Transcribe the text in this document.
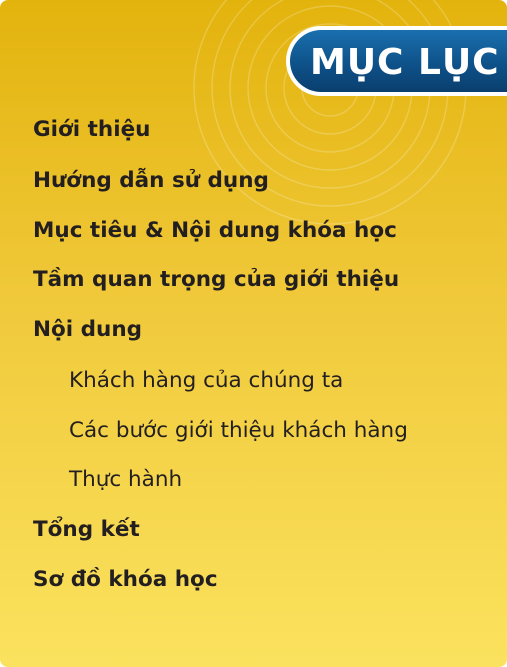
MỤC LỤC
Giới thiệu
Hướng dẫn sử dụng
Mục tiêu & Nội dung khóa học
Tầm quan trọng của giới thiệu
Nội dung
Khách hàng của chúng ta
Các bước giới thiệu khách hàng
Thực hành
Tổng kết
Sơ đồ khóa học
